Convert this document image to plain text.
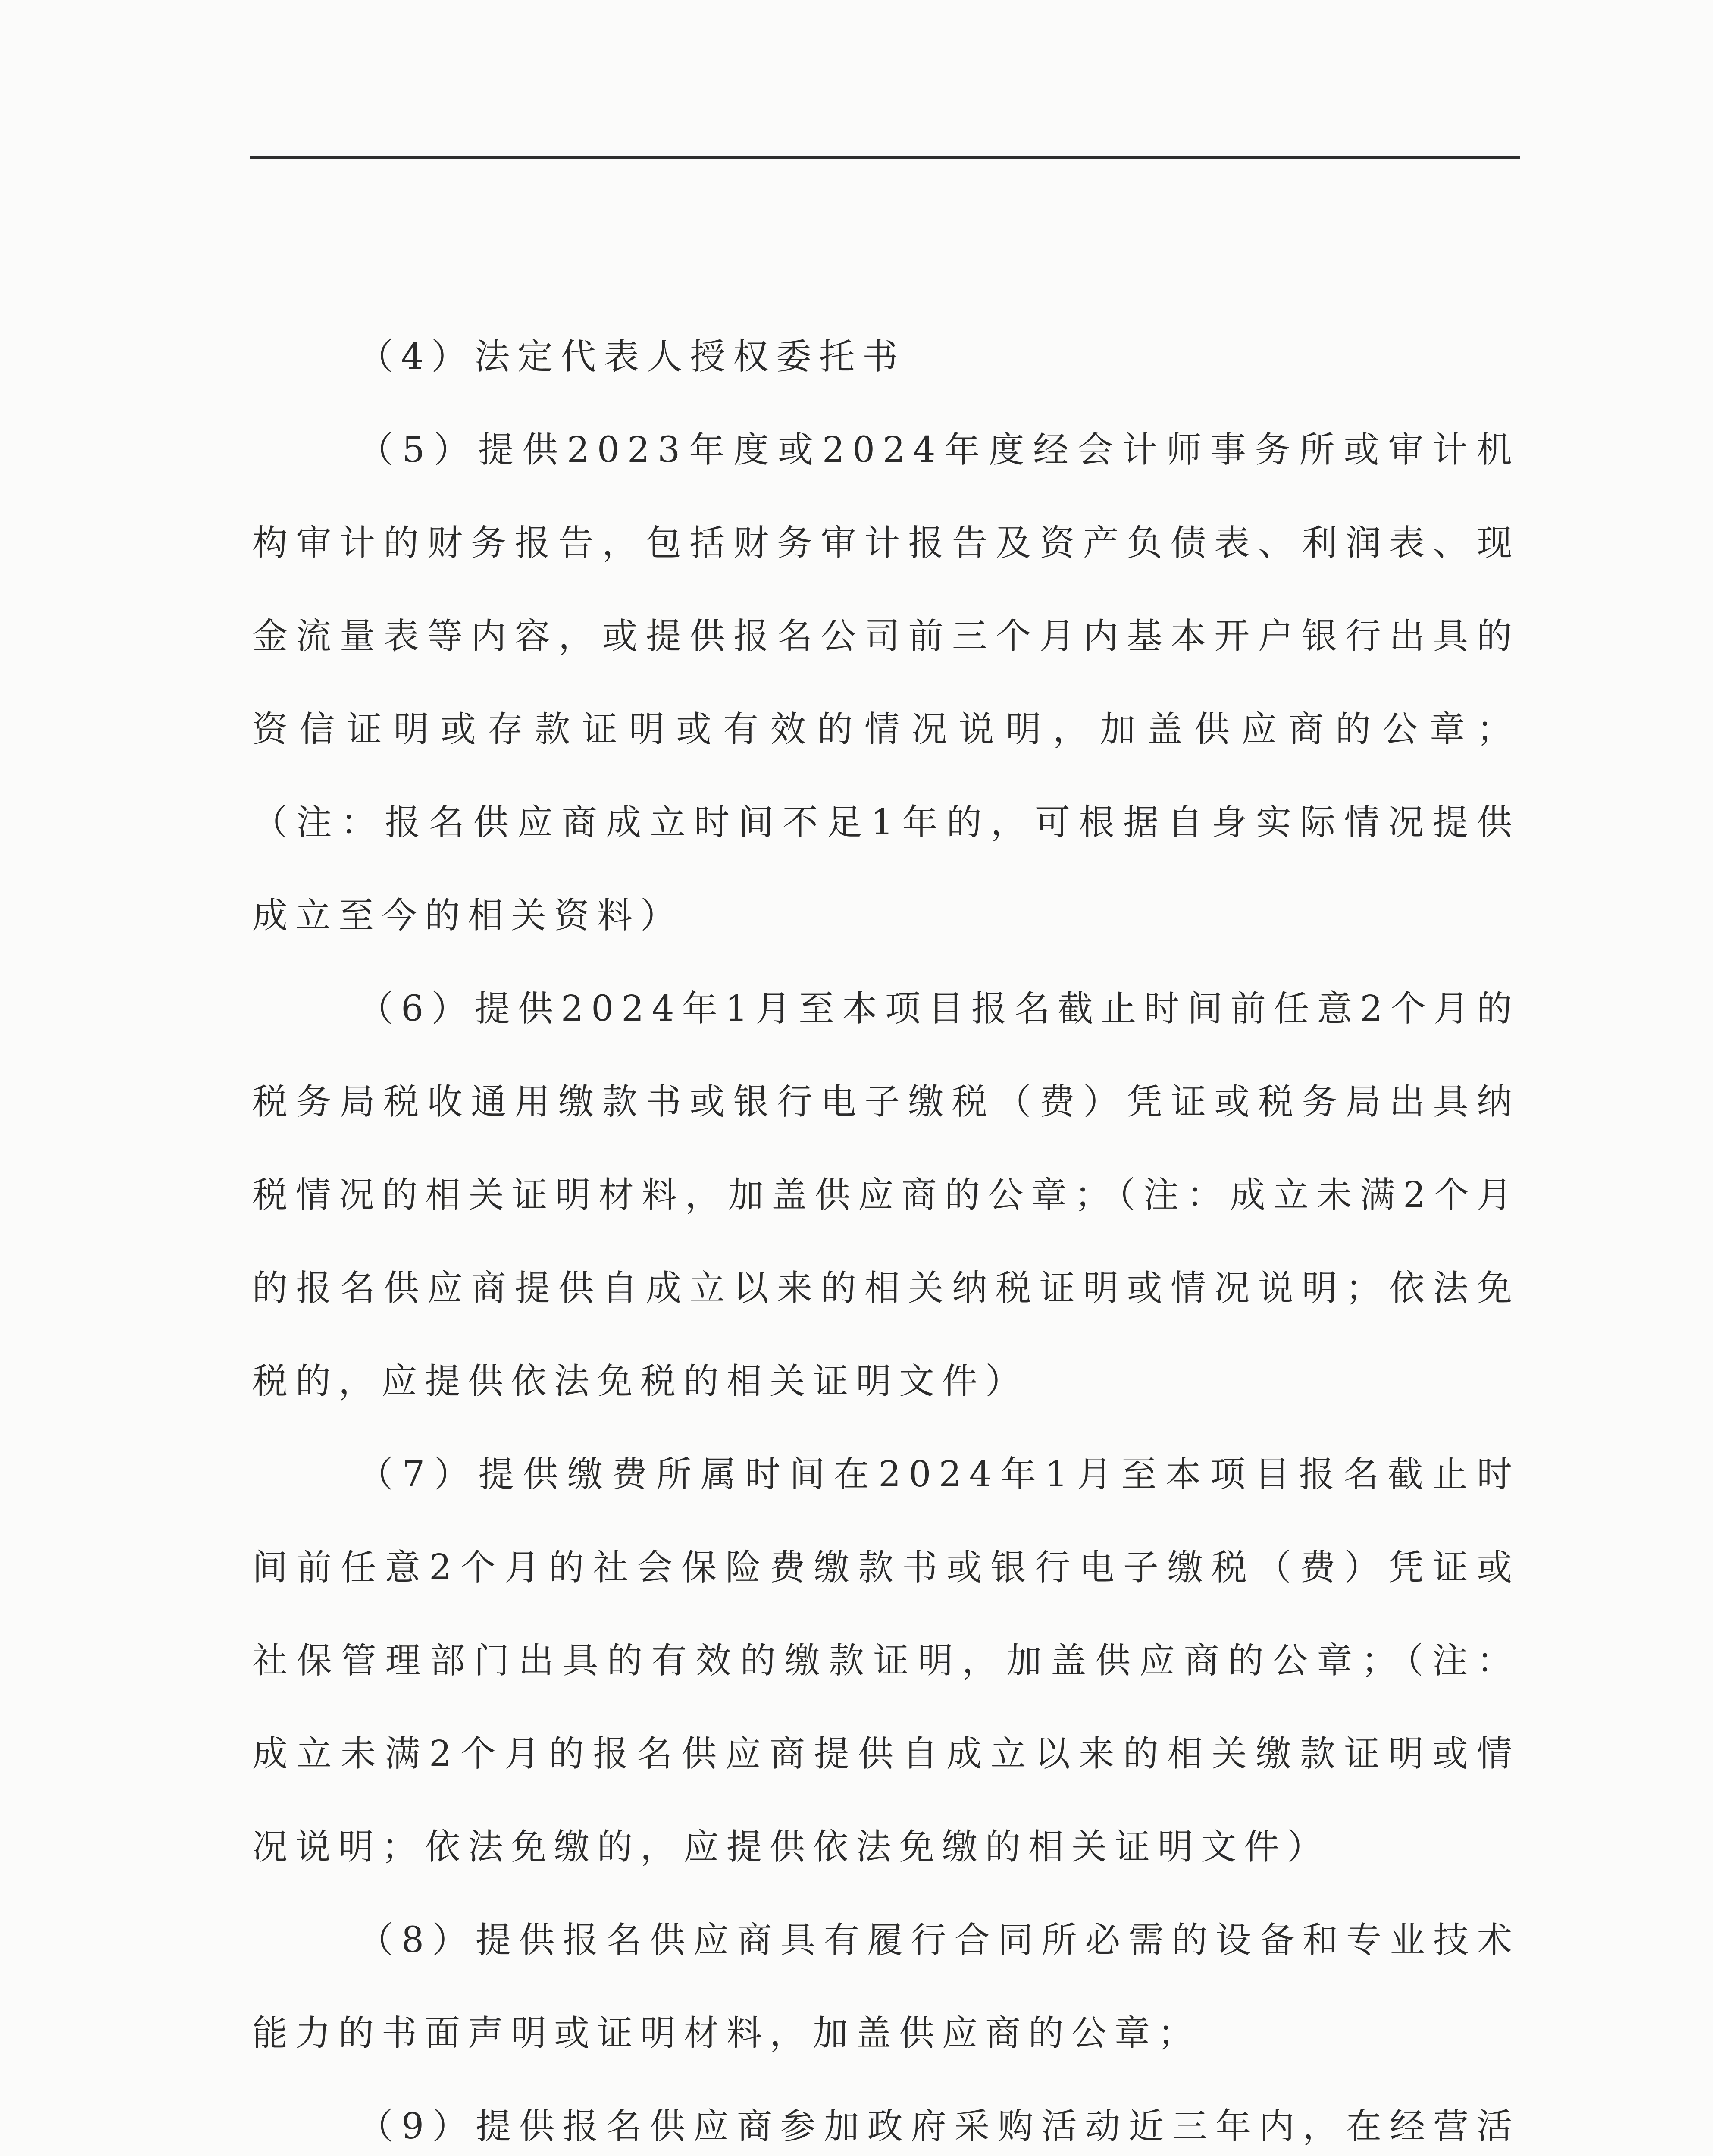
（4）法定代表人授权委托书

（5）提供2023年度或2024年度经会计师事务所或审计机构审计的财务报告，包括财务审计报告及资产负债表、利润表、现金流量表等内容，或提供报名公司前三个月内基本开户银行出具的资信证明或存款证明或有效的情况说明，加盖供应商的公章；（注：报名供应商成立时间不足1年的，可根据自身实际情况提供成立至今的相关资料）

（6）提供2024年1月至本项目报名截止时间前任意2个月的税务局税收通用缴款书或银行电子缴税（费）凭证或税务局出具纳税情况的相关证明材料，加盖供应商的公章；（注：成立未满2个月的报名供应商提供自成立以来的相关纳税证明或情况说明；依法免税的，应提供依法免税的相关证明文件）

（7）提供缴费所属时间在2024年1月至本项目报名截止时间前任意2个月的社会保险费缴款书或银行电子缴税（费）凭证或社保管理部门出具的有效的缴款证明，加盖供应商的公章；（注：成立未满2个月的报名供应商提供自成立以来的相关缴款证明或情况说明；依法免缴的，应提供依法免缴的相关证明文件）

（8）提供报名供应商具有履行合同所必需的设备和专业技术能力的书面声明或证明材料，加盖供应商的公章；

（9）提供报名供应商参加政府采购活动近三年内，在经营活
